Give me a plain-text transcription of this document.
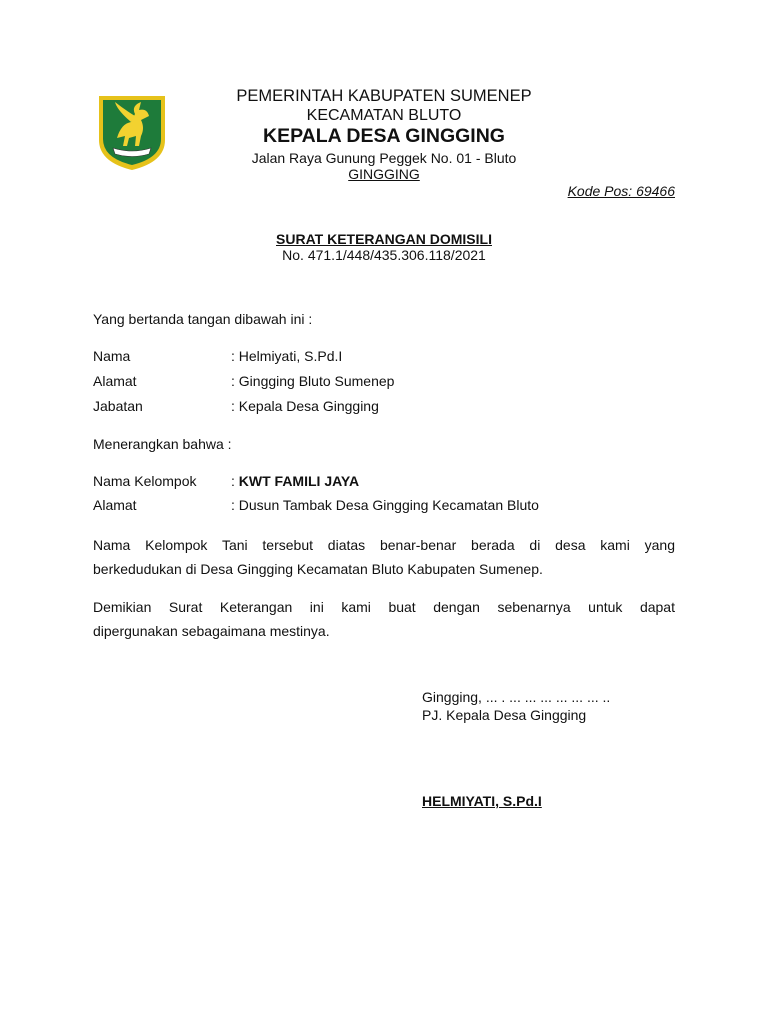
PEMERINTAH KABUPATEN SUMENEP
KECAMATAN BLUTO
KEPALA DESA GINGGING
Jalan Raya Gunung Peggek No. 01 - Bluto
GINGGING
Kode Pos: 69466
SURAT KETERANGAN DOMISILI
No. 471.1/448/435.306.118/2021
Yang bertanda tangan dibawah ini :
Nama	: Helmiyati, S.Pd.I
Alamat	: Gingging Bluto Sumenep
Jabatan	: Kepala Desa Gingging
Menerangkan bahwa :
Nama Kelompok : KWT FAMILI JAYA
Alamat	: Dusun Tambak Desa Gingging Kecamatan Bluto
Nama Kelompok Tani tersebut diatas benar-benar berada di desa kami yang
berkedudukan di Desa Gingging Kecamatan Bluto Kabupaten Sumenep.
Demikian Surat Keterangan ini kami buat dengan sebenarnya untuk dapat
dipergunakan sebagaimana mestinya.
Gingging, ... . ... ... ... ... ... ... ..
PJ. Kepala Desa Gingging
HELMIYATI, S.Pd.I
